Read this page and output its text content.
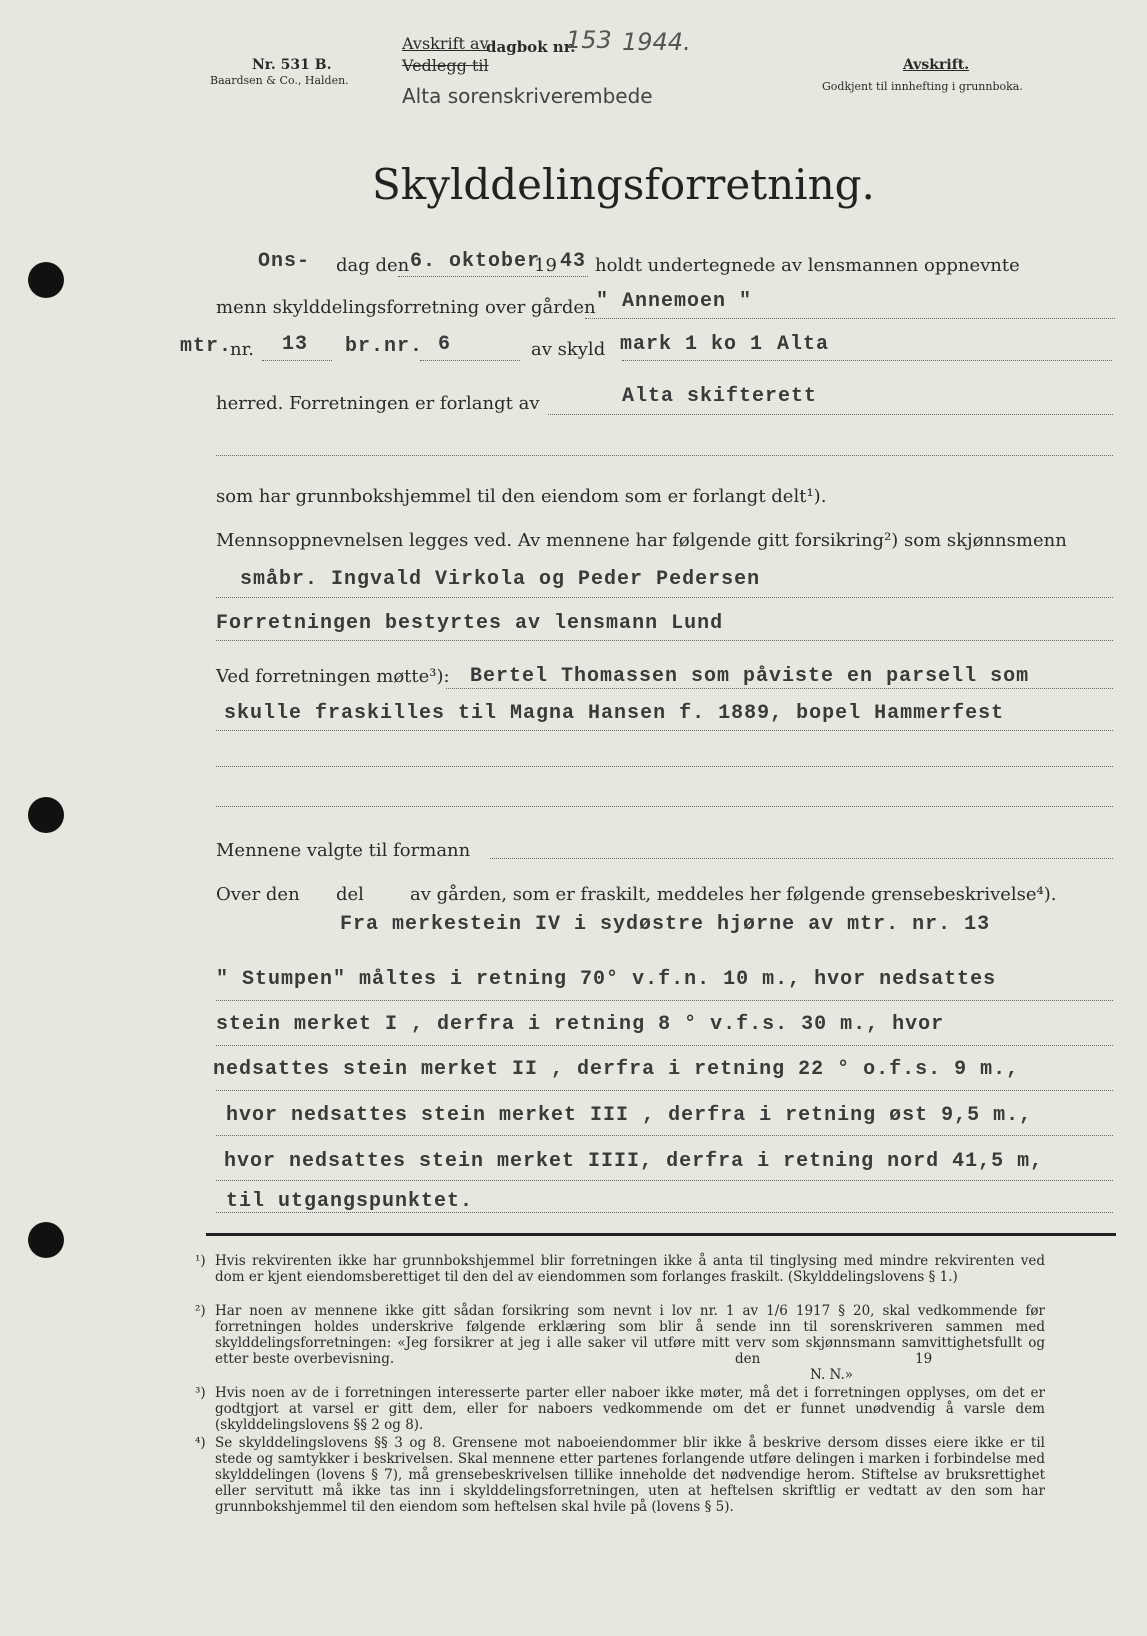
Nr. 531 B.
Baardsen & Co., Halden.
Avskrift av
Vedlegg til
dagbok nr.
153 1944.
Alta sorenskriverembede
Avskrift.
Godkjent til innhefting i grunnboka.
Skylddelingsforretning.
Ons- dag den 6. oktober
19 43 holdt undertegnede av lensmannen oppnevnte
menn skylddelingsforretning over gården " Annemoen "
mtr.
nr. 13 br.nr. 6	av skyld mark 1 ko 1 Alta
herred. Forretningen er forlangt av	Alta skifterett
som har grunnbokshjemmel til den eiendom som er forlangt delt¹).
Mennsoppnevnelsen legges ved. Av mennene har følgende gitt forsikring²) som skjønnsmenn
småbr. Ingvald Virkola og Peder Pedersen
Forretningen bestyrtes av lensmann Lund
Ved forretningen møtte³): Bertel Thomassen som påviste en parsell som
skulle fraskilles til Magna Hansen f. 1889, bopel Hammerfest
Mennene valgte til formann
Over den del	av gården, som er fraskilt, meddeles her følgende grensebeskrivelse⁴).
Fra merkestein IV i sydøstre hjørne av mtr. nr. 13
" Stumpen" måltes i retning 70° v.f.n. 10 m., hvor nedsattes
stein merket I , derfra i retning 8 ° v.f.s. 30 m., hvor
nedsattes stein merket II , derfra i retning 22 ° o.f.s. 9 m.,
hvor nedsattes stein merket III , derfra i retning øst 9,5 m.,
hvor nedsattes stein merket IIII, derfra i retning nord 41,5 m,
til utgangspunktet.
¹) Hvis rekvirenten ikke har grunnbokshjemmel blir forretningen ikke å anta til tinglysing med mindre rekvirenten ved dom er kjent eiendomsberettiget til den del av eiendommen som forlanges fraskilt. (Skylddelingslovens § 1.)
²) Har noen av mennene ikke gitt sådan forsikring som nevnt i lov nr. 1 av 1/6 1917 § 20, skal vedkommende før forretningen holdes underskrive følgende erklæring som blir å sende inn til sorenskriveren sammen med skylddelingsforretningen: «Jeg forsikrer at jeg i alle saker vil utføre mitt verv som skjønnsmann samvittighetsfullt og etter beste overbevisning.	den	19
N. N.»
³) Hvis noen av de i forretningen interesserte parter eller naboer ikke møter, må det i forretningen opplyses, om det er godtgjort at varsel er gitt dem, eller for naboers vedkommende om det er funnet unødvendig å varsle dem (skylddelingslovens §§ 2 og 8).
⁴) Se skylddelingslovens §§ 3 og 8. Grensene mot naboeiendommer blir ikke å beskrive dersom disses eiere ikke er til stede og samtykker i beskrivelsen. Skal mennene etter partenes forlangende utføre delingen i marken i forbindelse med skylddelingen (lovens § 7), må grensebeskrivelsen tillike inneholde det nødvendige herom. Stiftelse av bruksrettighet eller servitutt må ikke tas inn i skylddelingsforretningen, uten at heftelsen skriftlig er vedtatt av den som har grunnbokshjemmel til den eiendom som heftelsen skal hvile på (lovens § 5).
